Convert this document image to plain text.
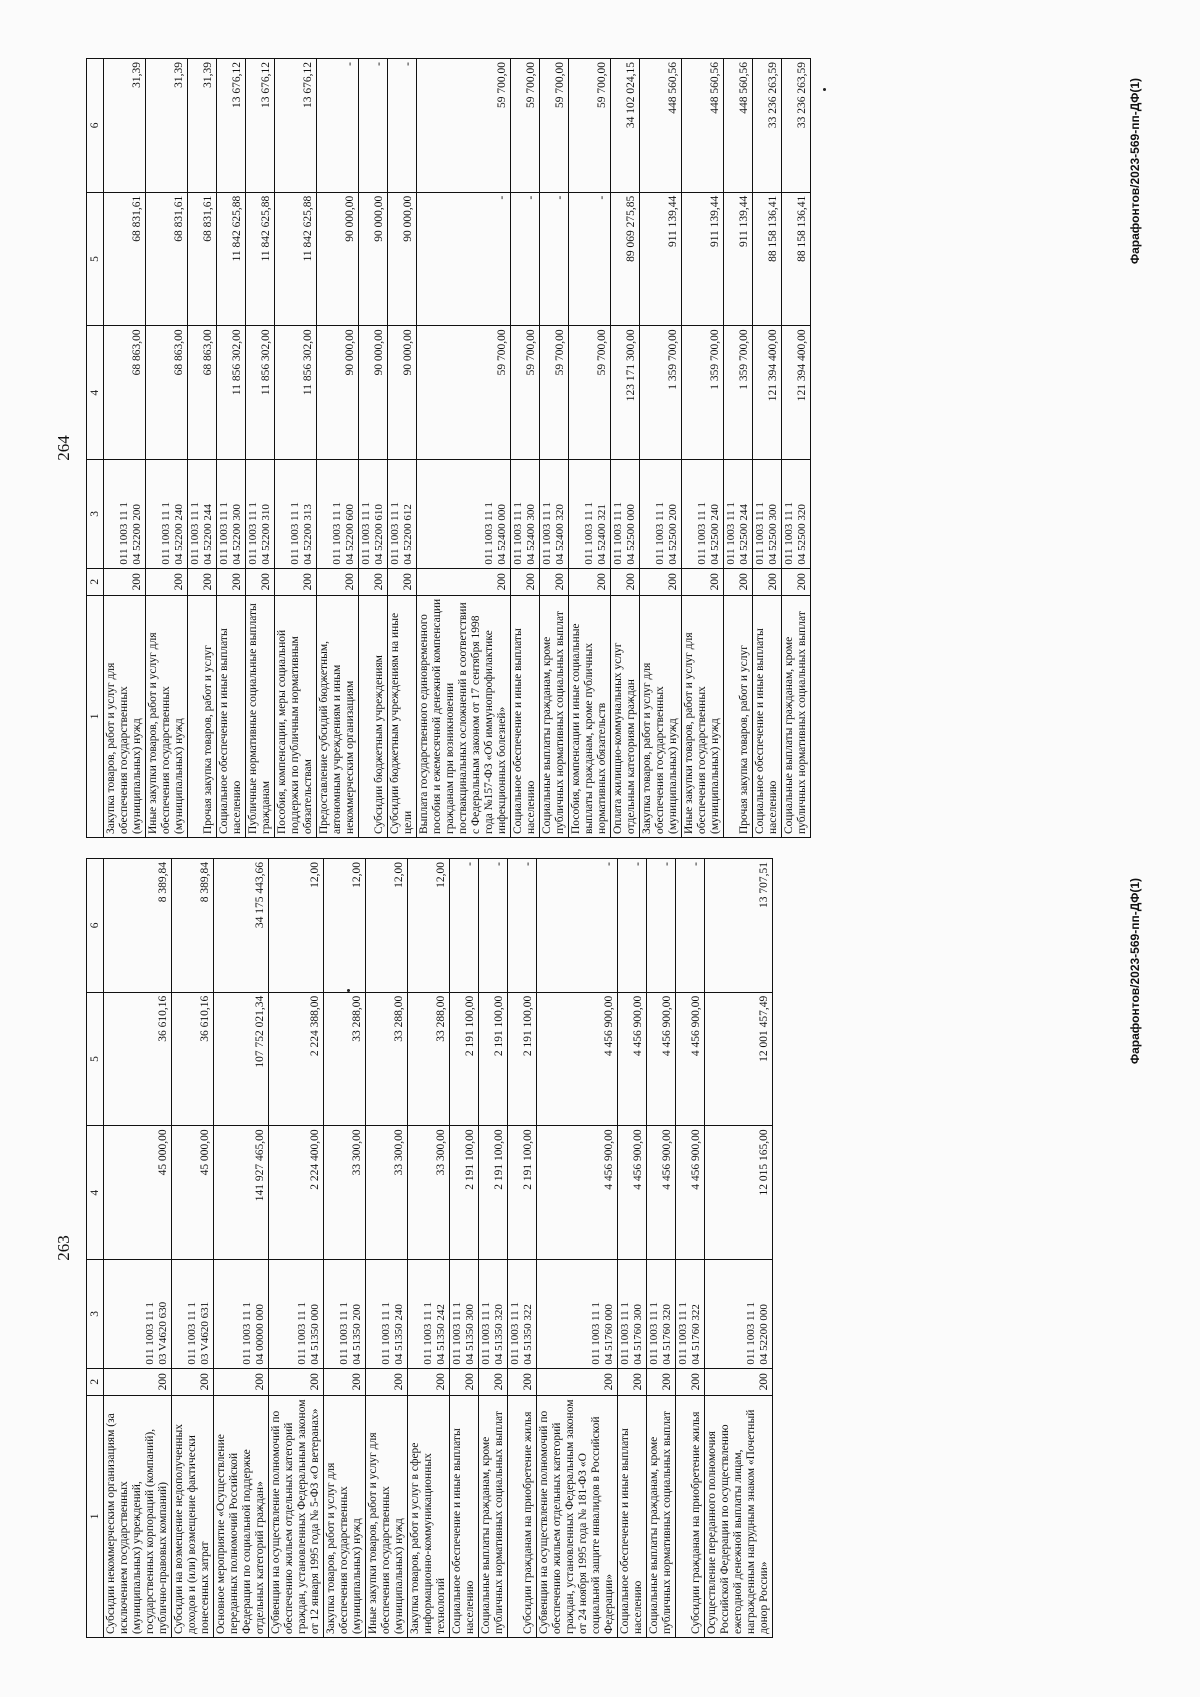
263
1	2	3	4	5	6
Субсидии некоммерческим организациям (за исключением государственных (муниципальных) учреждений, государственных корпораций (компаний), публично-правовых компаний)	200	011 1003 11 1
03 V4620 630	45 000,00	36 610,16	8 389,84
Субсидии на возмещение недополученных доходов и (или) возмещение фактически понесенных затрат	200	011 1003 11 1
03 V4620 631	45 000,00	36 610,16	8 389,84
Основное мероприятие «Осуществление переданных полномочий Российской Федерации по социальной поддержке отдельных категорий граждан»	200	011 1003 11 1
04 00000 000	141 927 465,00	107 752 021,34	34 175 443,66
Субвенции на осуществление полномочий по обеспечению жильем отдельных категорий граждан, установленных Федеральным законом от 12 января 1995 года № 5-ФЗ «О ветеранах»	200	011 1003 11 1
04 51350 000	2 224 400,00	2 224 388,00	12,00
Закупка товаров, работ и услуг для обеспечения государственных (муниципальных) нужд	200	011 1003 11 1
04 51350 200	33 300,00	33 288,00	12,00
Иные закупки товаров, работ и услуг для обеспечения государственных (муниципальных) нужд	200	011 1003 11 1
04 51350 240	33 300,00	33 288,00	12,00
Закупка товаров, работ и услуг в сфере информационно-коммуникационных технологий	200	011 1003 11 1
04 51350 242	33 300,00	33 288,00	12,00
Социальное обеспечение и иные выплаты населению	200	011 1003 11 1
04 51350 300	2 191 100,00	2 191 100,00	-
Социальные выплаты гражданам, кроме публичных нормативных социальных выплат	200	011 1003 11 1
04 51350 320	2 191 100,00	2 191 100,00	-
Субсидии гражданам на приобретение жилья	200	011 1003 11 1
04 51350 322	2 191 100,00	2 191 100,00	-
Субвенции на осуществление полномочий по обеспечению жильем отдельных категорий граждан, установленных Федеральным законом от 24 ноября 1995 года № 181-ФЗ «О социальной защите инвалидов в Российской Федерации»	200	011 1003 11 1
04 51760 000	4 456 900,00	4 456 900,00	-
Социальное обеспечение и иные выплаты населению	200	011 1003 11 1
04 51760 300	4 456 900,00	4 456 900,00	-
Социальные выплаты гражданам, кроме публичных нормативных социальных выплат	200	011 1003 11 1
04 51760 320	4 456 900,00	4 456 900,00	-
Субсидии гражданам на приобретение жилья	200	011 1003 11 1
04 51760 322	4 456 900,00	4 456 900,00	-
Осуществление переданного полномочия Российской Федерации по осуществлению ежегодной денежной выплаты лицам, награжденным нагрудным знаком «Почетный донор России»	200	011 1003 11 1
04 52200 000	12 015 165,00	12 001 457,49	13 707,51	Фарафонтов/2023-569-пп-ДФ(1)
264
1	2	3	4	5	6
Закупка товаров, работ и услуг для обеспечения государственных (муниципальных) нужд	200	011 1003 11 1
04 52200 200	68 863,00	68 831,61	31,39
Иные закупки товаров, работ и услуг для обеспечения государственных (муниципальных) нужд	200	011 1003 11 1
04 52200 240	68 863,00	68 831,61	31,39
Прочая закупка товаров, работ и услуг	200	011 1003 11 1
04 52200 244	68 863,00	68 831,61	31,39
Социальное обеспечение и иные выплаты населению	200	011 1003 11 1
04 52200 300	11 856 302,00	11 842 625,88	13 676,12
Публичные нормативные социальные выплаты гражданам	200	011 1003 11 1
04 52200 310	11 856 302,00	11 842 625,88	13 676,12
Пособия, компенсации, меры социальной поддержки по публичным нормативным обязательствам	200	011 1003 11 1
04 52200 313	11 856 302,00	11 842 625,88	13 676,12
Предоставление субсидий бюджетным, автономным учреждениям и иным некоммерческим организациям	200	011 1003 11 1
04 52200 600	90 000,00	90 000,00	-
Субсидии бюджетным учреждениям	200	011 1003 11 1
04 52200 610	90 000,00	90 000,00	-
Субсидии бюджетным учреждениям на иные цели	200	011 1003 11 1
04 52200 612	90 000,00	90 000,00	-
Выплата государственного единовременного пособия и ежемесячной денежной компенсации гражданам при возникновении поствакцинальных осложнений в соответствии с Федеральным законом от 17 сентября 1998 года №157-ФЗ «Об иммунопрофилактике инфекционных болезней»	200	011 1003 11 1
04 52400 000	59 700,00	-	59 700,00
Социальное обеспечение и иные выплаты населению	200	011 1003 11 1
04 52400 300	59 700,00	-	59 700,00
Социальные выплаты гражданам, кроме публичных нормативных социальных выплат	200	011 1003 11 1
04 52400 320	59 700,00	-	59 700,00
Пособия, компенсации и иные социальные выплаты гражданам, кроме публичных нормативных обязательств	200	011 1003 11 1
04 52400 321	59 700,00	-	59 700,00
Оплата жилищно-коммунальных услуг отдельным категориям граждан	200	011 1003 11 1
04 52500 000	123 171 300,00	89 069 275,85	34 102 024,15
Закупка товаров, работ и услуг для обеспечения государственных (муниципальных) нужд	200	011 1003 11 1
04 52500 200	1 359 700,00	911 139,44	448 560,56
Иные закупки товаров, работ и услуг для обеспечения государственных (муниципальных) нужд	200	011 1003 11 1
04 52500 240	1 359 700,00	911 139,44	448 560,56
Прочая закупка товаров, работ и услуг	200	011 1003 11 1
04 52500 244	1 359 700,00	911 139,44	448 560,56
Социальное обеспечение и иные выплаты населению	200	011 1003 11 1
04 52500 300	121 394 400,00	88 158 136,41	33 236 263,59
Социальные выплаты гражданам, кроме публичных нормативных социальных выплат	200	011 1003 11 1
04 52500 320	121 394 400,00	88 158 136,41	33 236 263,59	Фарафонтов/2023-569-пп-ДФ(1)
